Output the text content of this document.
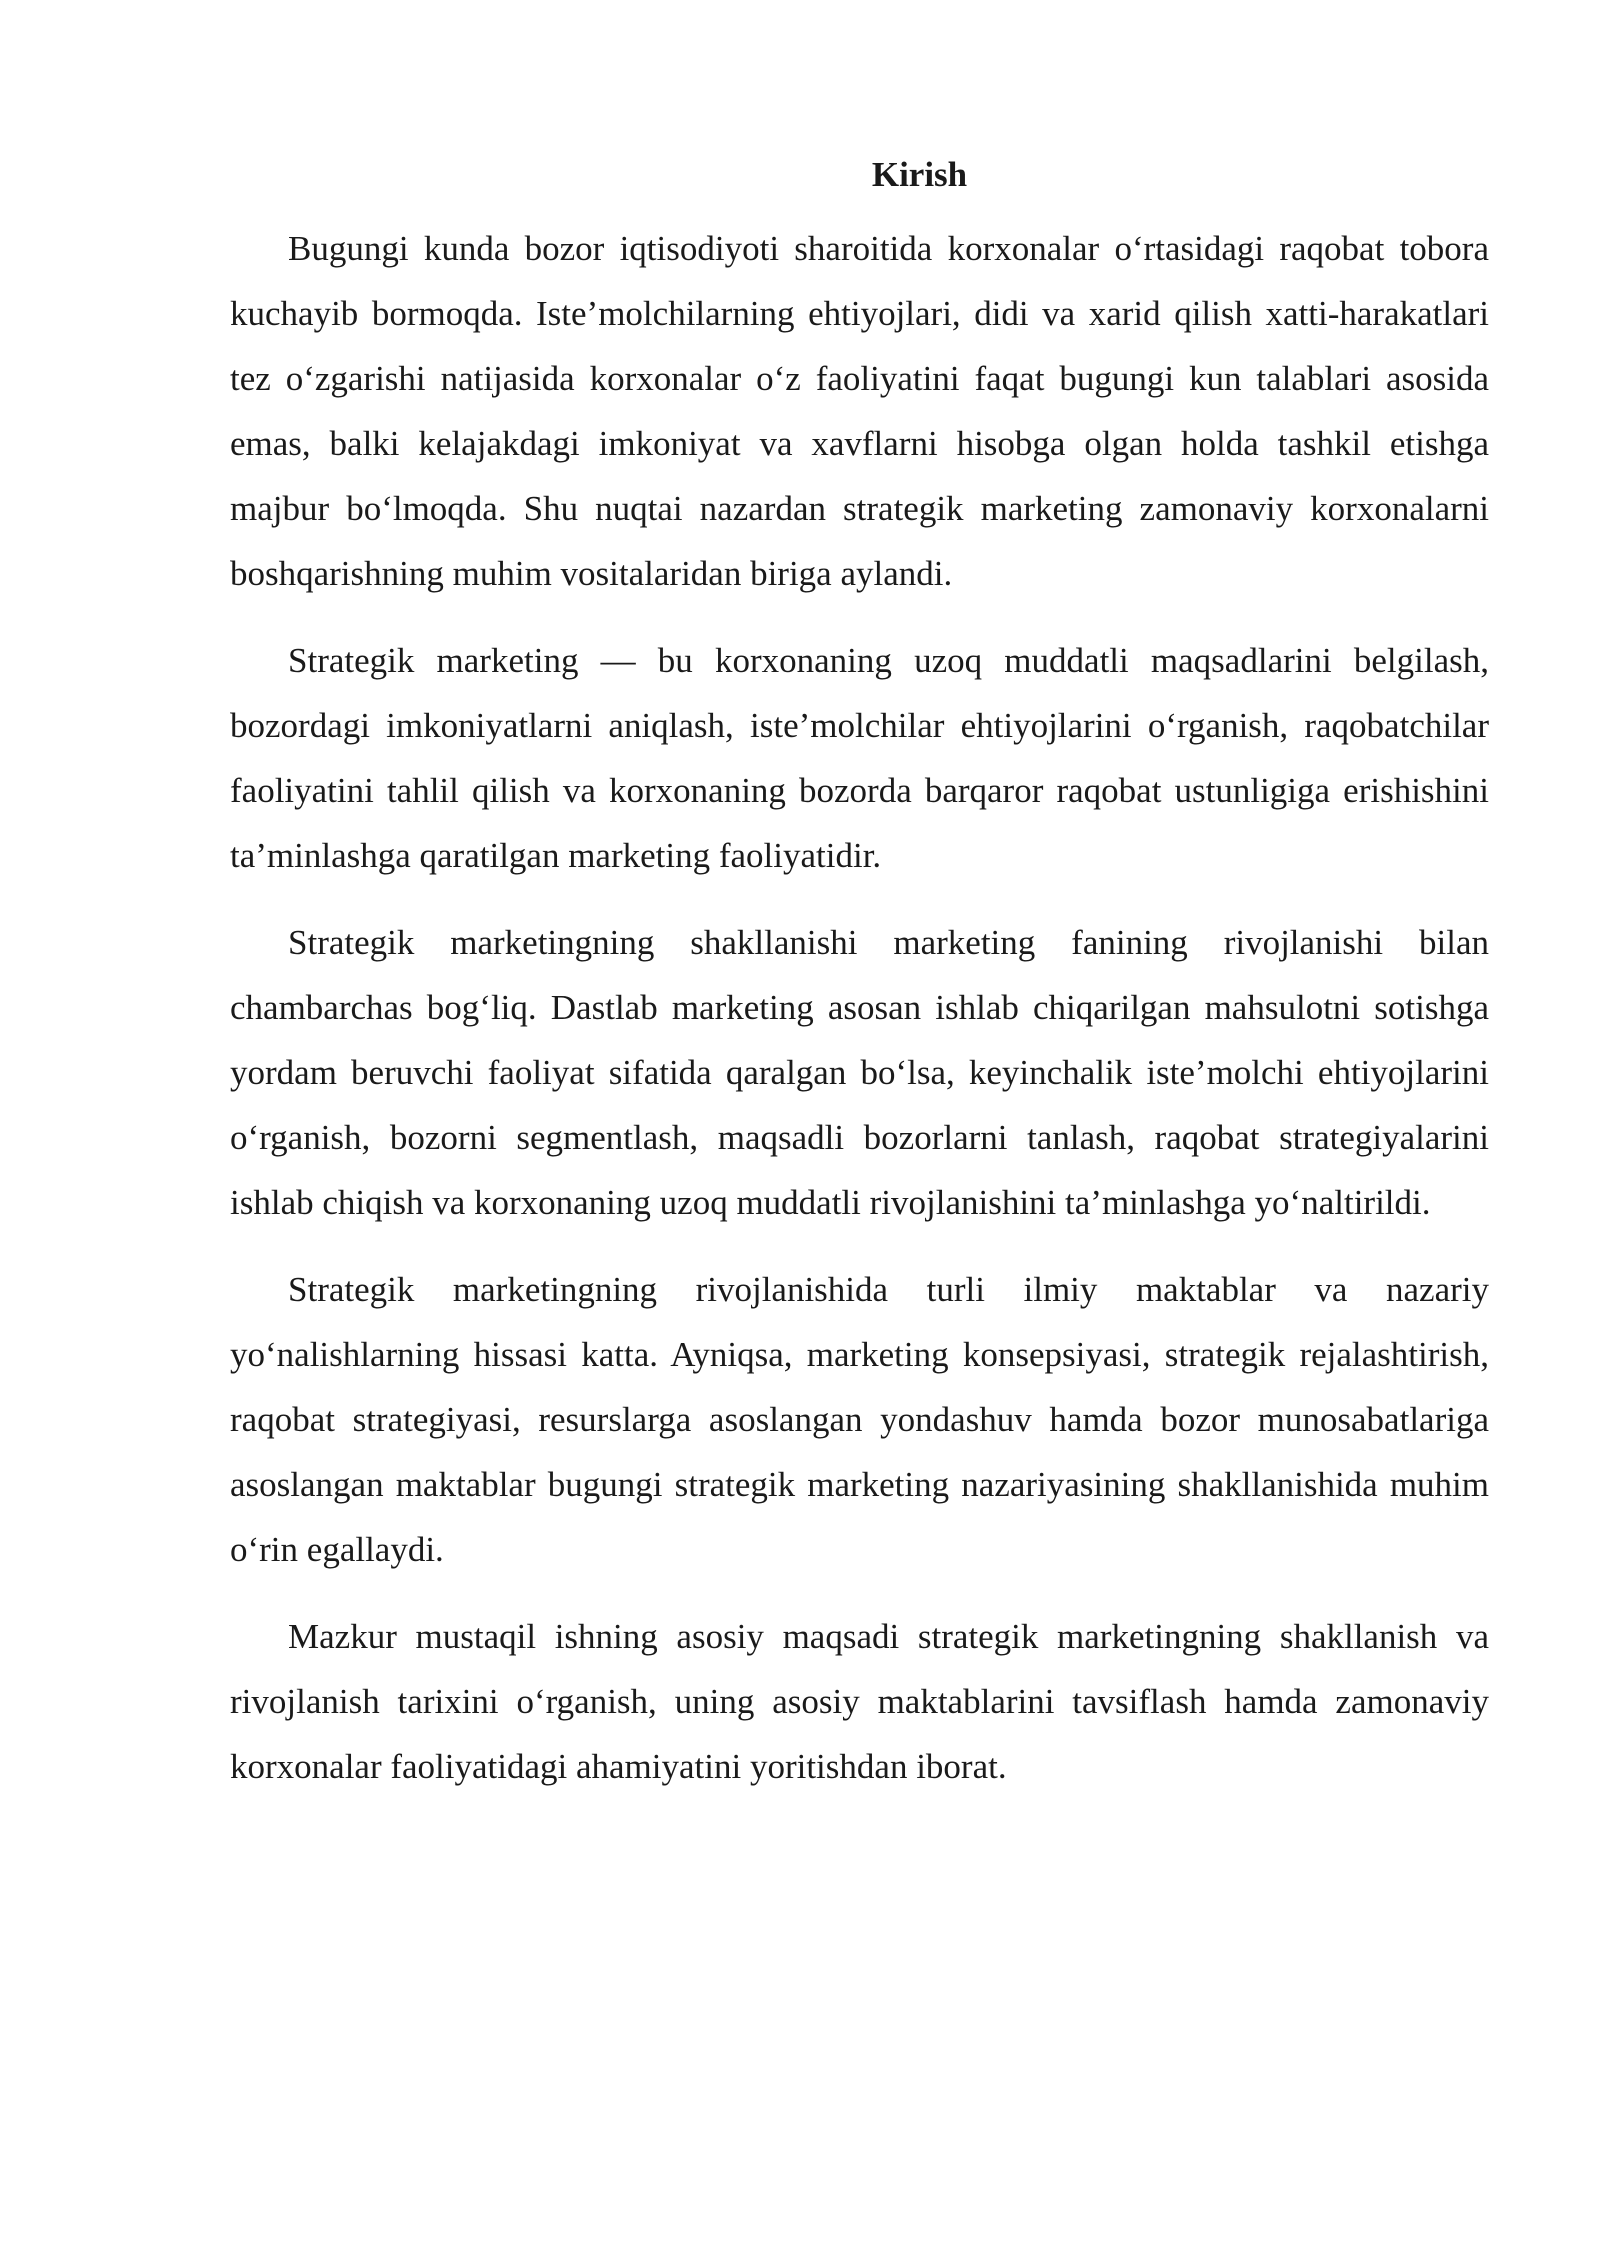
Kirish

Bugungi kunda bozor iqtisodiyoti sharoitida korxonalar o‘rtasidagi raqobat tobora kuchayib bormoqda. Iste’molchilarning ehtiyojlari, didi va xarid qilish xatti-harakatlari tez o‘zgarishi natijasida korxonalar o‘z faoliyatini faqat bugungi kun talablari asosida emas, balki kelajakdagi imkoniyat va xavflarni hisobga olgan holda tashkil etishga majbur bo‘lmoqda. Shu nuqtai nazardan strategik marketing zamonaviy korxonalarni boshqarishning muhim vositalaridan biriga aylandi.

Strategik marketing — bu korxonaning uzoq muddatli maqsadlarini belgilash, bozordagi imkoniyatlarni aniqlash, iste’molchilar ehtiyojlarini o‘rganish, raqobatchilar faoliyatini tahlil qilish va korxonaning bozorda barqaror raqobat ustunligiga erishishini ta’minlashga qaratilgan marketing faoliyatidir.

Strategik marketingning shakllanishi marketing fanining rivojlanishi bilan chambarchas bog‘liq. Dastlab marketing asosan ishlab chiqarilgan mahsulotni sotishga yordam beruvchi faoliyat sifatida qaralgan bo‘lsa, keyinchalik iste’molchi ehtiyojlarini o‘rganish, bozorni segmentlash, maqsadli bozorlarni tanlash, raqobat strategiyalarini ishlab chiqish va korxonaning uzoq muddatli rivojlanishini ta’minlashga yo‘naltirildi.

Strategik marketingning rivojlanishida turli ilmiy maktablar va nazariy yo‘nalishlarning hissasi katta. Ayniqsa, marketing konsepsiyasi, strategik rejalashtirish, raqobat strategiyasi, resurslarga asoslangan yondashuv hamda bozor munosabatlariga asoslangan maktablar bugungi strategik marketing nazariyasining shakllanishida muhim o‘rin egallaydi.

Mazkur mustaqil ishning asosiy maqsadi strategik marketingning shakllanish va rivojlanish tarixini o‘rganish, uning asosiy maktablarini tavsiflash hamda zamonaviy korxonalar faoliyatidagi ahamiyatini yoritishdan iborat.
